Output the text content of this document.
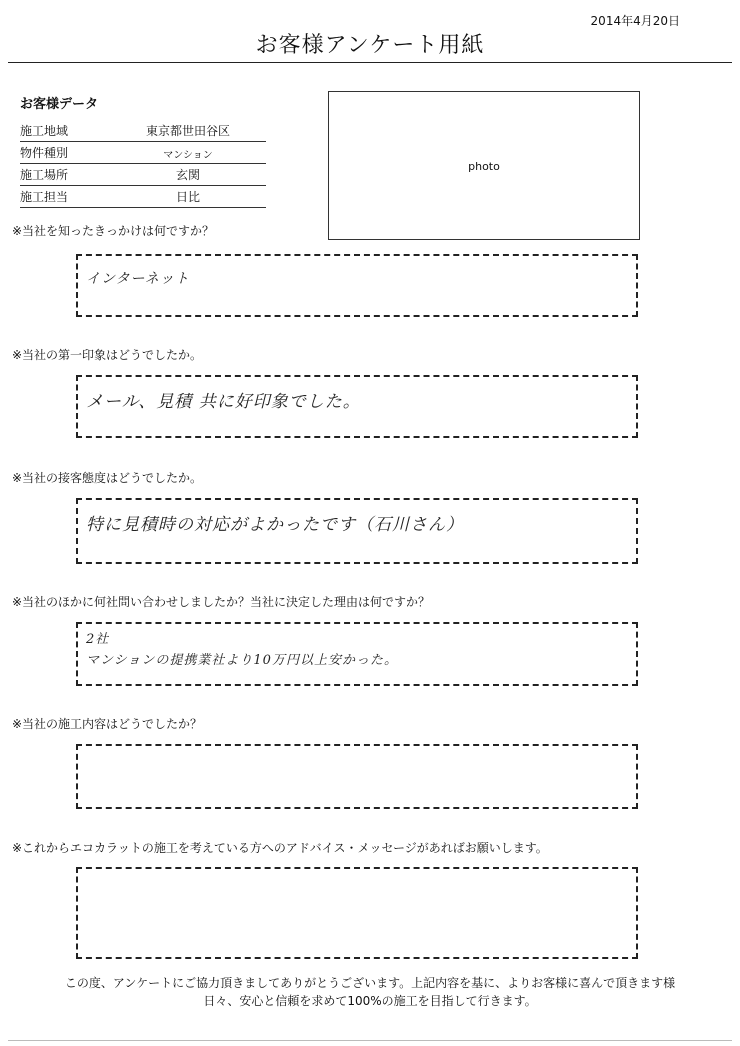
2014年4月20日
お客様アンケート用紙
お客様データ
施工地域	東京都世田谷区
物件種別	マンション
施工場所	玄関
施工担当	日比
photo
※当社を知ったきっかけは何ですか？
インターネット
※当社の第一印象はどうでしたか。
メール、見積 共に好印象でした。
※当社の接客態度はどうでしたか。
特に見積時の対応がよかったです（石川さん）
※当社のほかに何社問い合わせしましたか？当社に決定した理由は何ですか？
2社
マンションの提携業社より10万円以上安かった。
※当社の施工内容はどうでしたか？
※これからエコカラットの施工を考えている方へのアドバイス・メッセージがあればお願いします。
この度、アンケートにご協力頂きましてありがとうございます。上記内容を基に、よりお客様に喜んで頂きます様
日々、安心と信頼を求めて100%の施工を目指して行きます。
